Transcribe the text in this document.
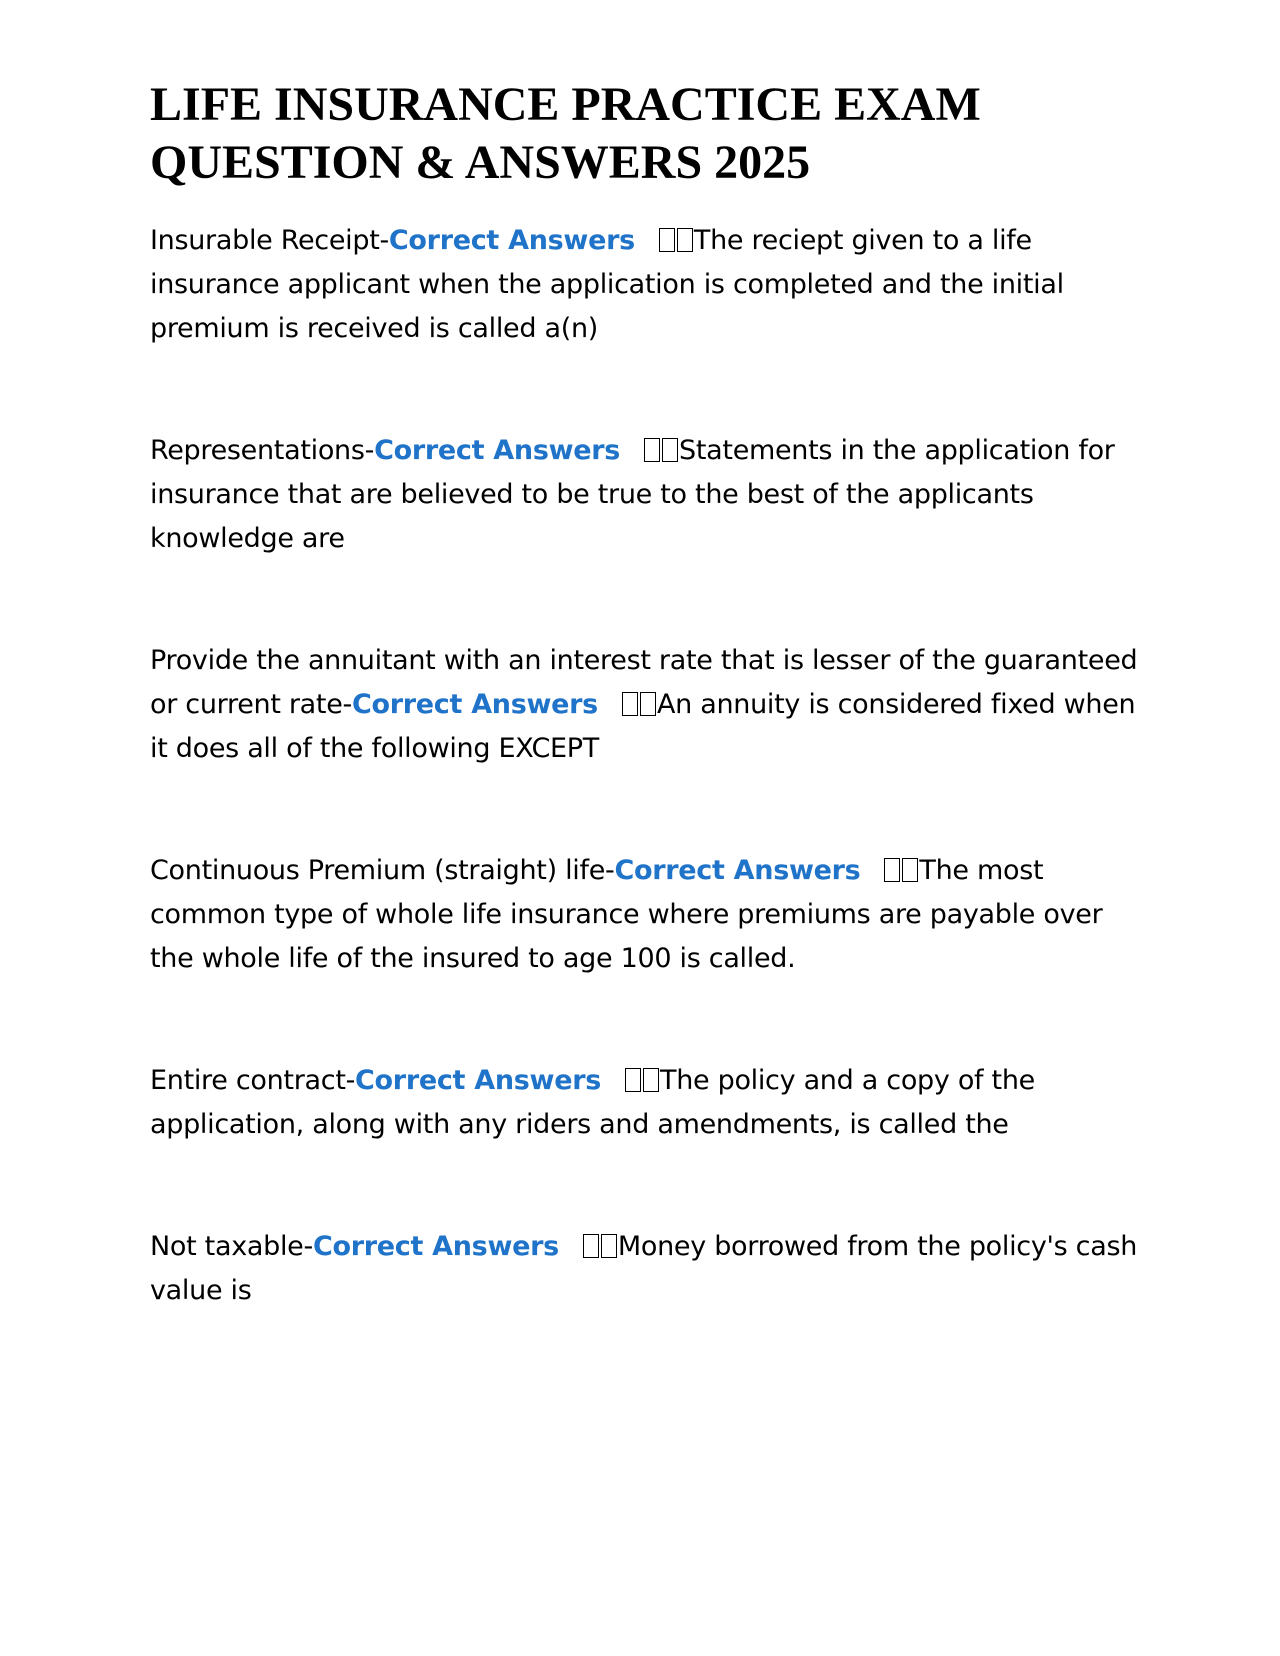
LIFE INSURANCE PRACTICE EXAM
QUESTION & ANSWERS 2025

Insurable Receipt-Correct Answers The reciept given to a life insurance applicant when the application is completed and the initial premium is received is called a(n)

Representations-Correct Answers Statements in the application for insurance that are believed to be true to the best of the applicants knowledge are

Provide the annuitant with an interest rate that is lesser of the guaranteed or current rate-Correct Answers An annuity is considered fixed when it does all of the following EXCEPT

Continuous Premium (straight) life-Correct Answers The most common type of whole life insurance where premiums are payable over the whole life of the insured to age 100 is called.

Entire contract-Correct Answers The policy and a copy of the application, along with any riders and amendments, is called the

Not taxable-Correct Answers Money borrowed from the policy's cash value is
